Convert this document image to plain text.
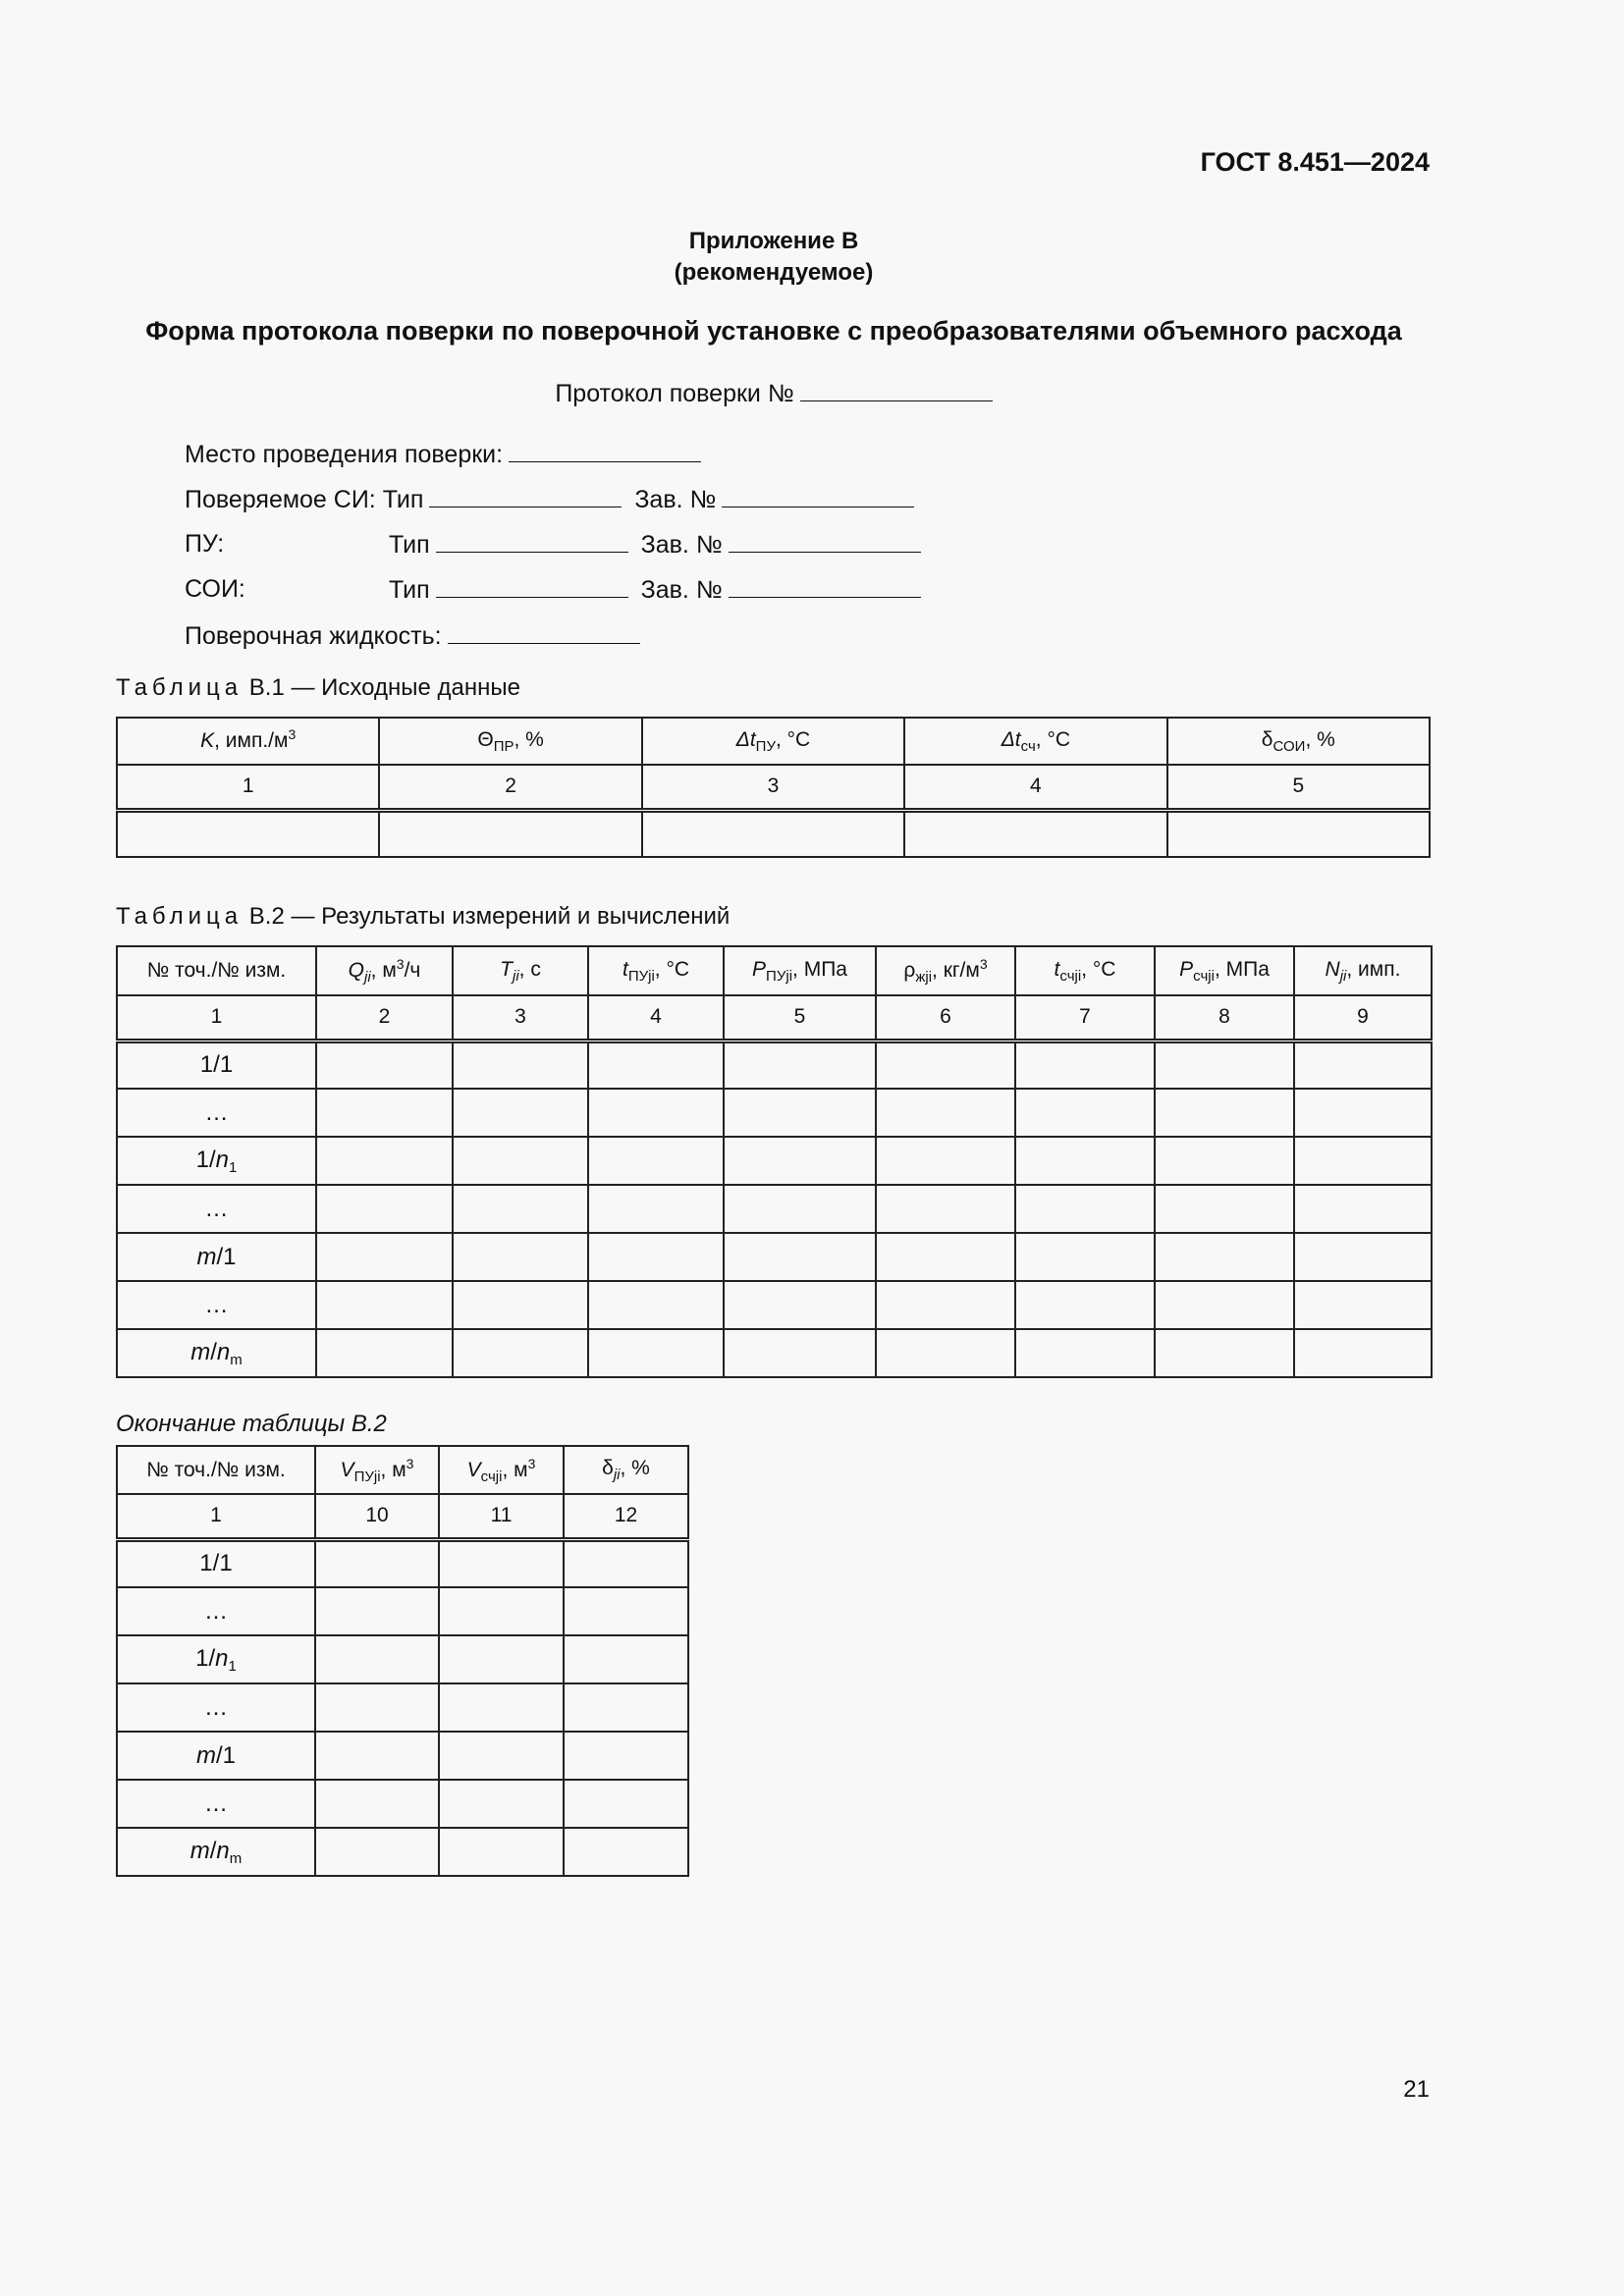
ГОСТ 8.451—2024
Приложение В
(рекомендуемое)
Форма протокола поверки по поверочной установке с преобразователями объемного расхода
Протокол поверки №
Место проведения поверки:
Поверяемое СИ: Тип	Зав. №
ПУ:	Тип	Зав. №
СОИ:	Тип	Зав. №
Поверочная жидкость:
Таблица В.1 — Исходные данные
K, $имп./м^3$	$\Theta_{ПР}$, %	$\Delta t_{ПУ}$, °С	$\Delta t_{сч}$, °С	$\delta_{СОИ}$, %
1	2	3	4	5

Таблица В.2 — Результаты измерений и вычислений
№ точ./№ изм.	$Q_{ji}$, $м^3/ч$	$T_{ji}$, с	$t_{ПУji}$, °С	$P_{ПУji}$, МПа	$\rho_{жji}$, $кг/м^3$	$t_{счji}$, °С	$P_{счji}$, МПа	$N_{ji}$, имп.
1	2	3	4	5	6	7	8	9
1/1								
…								
$1/n_1$								
…								
m/1								
…								
$m/n_m$								
Окончание таблицы В.2
№ точ./№ изм.	$V_{ПУji}$, $м^3$	$V_{счji}$, $м^3$	$\delta_{ji}$, %
1	10	11	12
1/1			
…			
$1/n_1$			
…			
m/1			
…			
$m/n_m$			
21
